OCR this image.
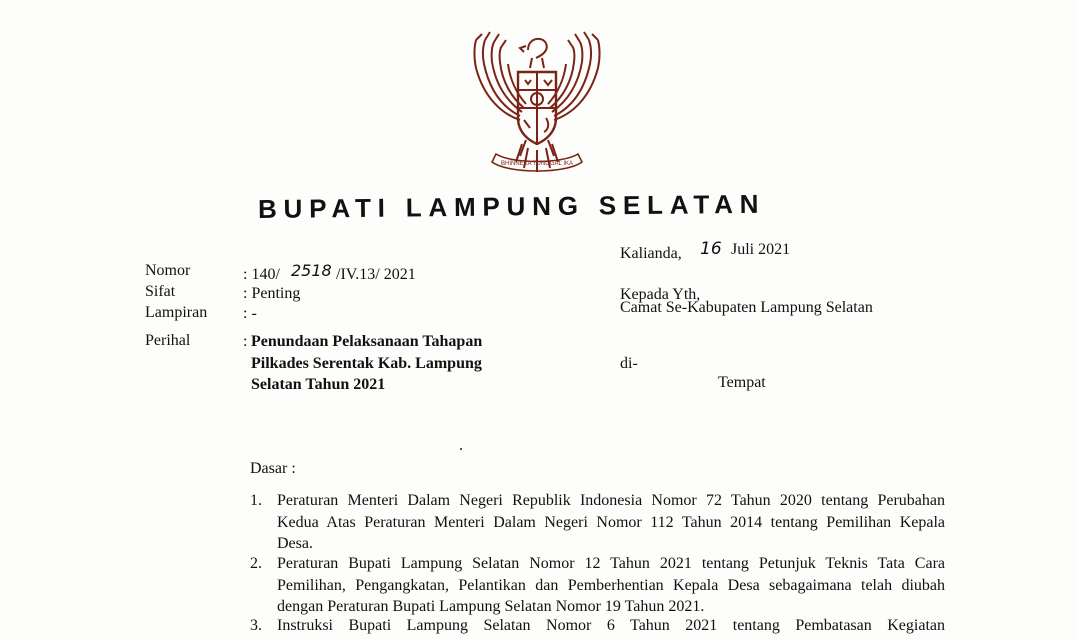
BHINNEKA TUNGGAL IKA
BUPATI LAMPUNG SELATAN
Kalianda, 16 Juli 2021
Nomor	: 140/ 2518 /IV.13/ 2021
Sifat	: Penting
Lampiran : -
Perihal	: Penundaan Pelaksanaan Tahapan
Pilkades Serentak Kab. Lampung
Selatan Tahun 2021
Kepada Yth,
Camat Se-Kabupaten Lampung Selatan
di-
Tempat
Dasar :
1. Peraturan Menteri Dalam Negeri Republik Indonesia Nomor 72 Tahun 2020 tentang Perubahan
Kedua Atas Peraturan Menteri Dalam Negeri Nomor 112 Tahun 2014 tentang Pemilihan Kepala
Desa.
2. Peraturan Bupati Lampung Selatan Nomor 12 Tahun 2021 tentang Petunjuk Teknis Tata Cara
Pemilihan, Pengangkatan, Pelantikan dan Pemberhentian Kepala Desa sebagaimana telah diubah
dengan Peraturan Bupati Lampung Selatan Nomor 19 Tahun 2021.
3. Instruksi Bupati Lampung Selatan Nomor 6 Tahun 2021 tentang Pembatasan Kegiatan
